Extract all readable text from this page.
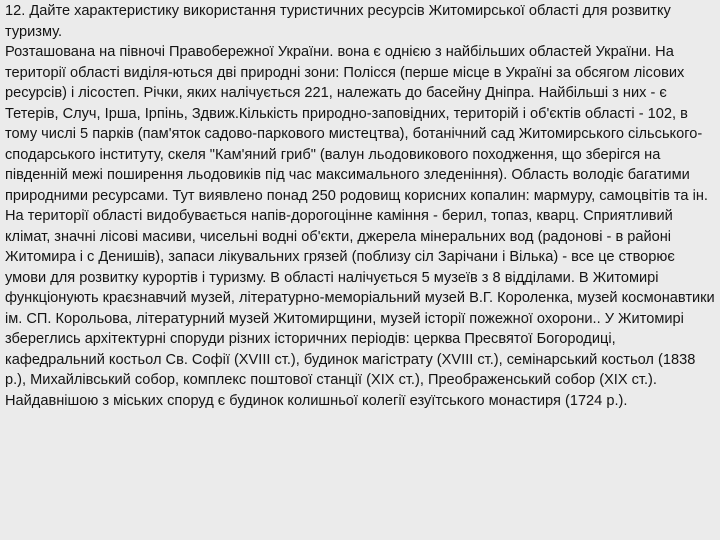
12. Дайте характеристику використання туристичних ресурсів Житомирської області для розвитку туризму.

Розташована на півночі Правобережної України. вона є однією з найбільших областей України. На території області виділя-ються дві природні зони: Полісся (перше місце в Україні за обсягом лісових ресурсів) і лісостеп. Річки, яких налічується 221, належать до басейну Дніпра. Найбільші з них - є Тетерів, Случ, Ірша, Ірпінь, Здвиж.Кількість природно-заповідних, територій і об'єктів області - 102, в тому числі 5 парків (пам'яток садово-паркового мистецтва), ботанічний сад Житомирського сільського-сподарського інституту, скеля "Кам'яний гриб" (валун льодовикового походження, що зберігся на південній межі поширення льодовиків під час максимального зледеніння). Область володіє багатими природними ресурсами. Тут виявлено понад 250 родовищ корисних копалин: мармуру, самоцвітів та ін. На території області видобувається напів-дорогоцінне каміння - берил, топаз, кварц. Сприятливий клімат, значні лісові масиви, чисельні водні об'єкти, джерела мінеральних вод (радонові - в районі Житомира і с Денишів), запаси лікувальних грязей (поблизу сіл Зарічани і Вілька) - все це створює умови для розвитку курортів і туризму. В області налічується 5 музеїв з 8 відділами. В Житомирі функціонують краєзнавчий музей, літературно-меморіальний музей В.Г. Короленка, музей космонавтики ім. СП. Корольова, літературний музей Житомирщини, музей історії пожежної охорони.. У Житомирі збереглись архітектурні споруди різних історичних періодів: церква Пресвятої Богородиці, кафедральний костьол Св. Софії (XVIII ст.), будинок магістрату (XVIII ст.), семінарський костьол (1838 р.), Михайлівський собор, комплекс поштової станції (XIX ст.), Преображенський собор (XIX ст.). Найдавнішою з міських споруд є будинок колишньої колегії езуїтського монастиря (1724 р.).
